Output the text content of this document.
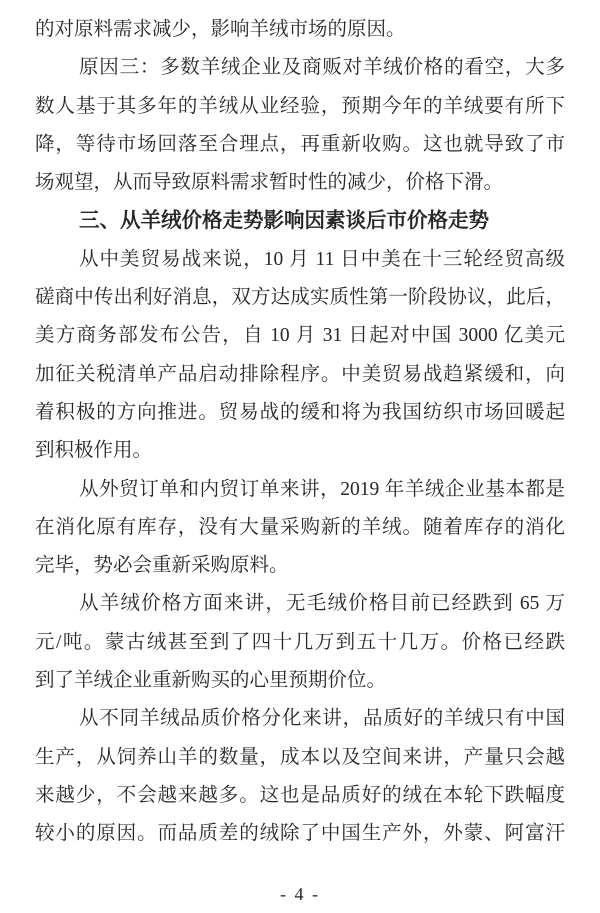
的对原料需求减少，影响羊绒市场的原因。
原因三：多数羊绒企业及商贩对羊绒价格的看空，大多
数人基于其多年的羊绒从业经验，预期今年的羊绒要有所下
降，等待市场回落至合理点，再重新收购。这也就导致了市
场观望，从而导致原料需求暂时性的减少，价格下滑。
三、从羊绒价格走势影响因素谈后市价格走势
从中美贸易战来说，10 月 11 日中美在十三轮经贸高级
磋商中传出利好消息，双方达成实质性第一阶段协议，此后，
美方商务部发布公告，自 10 月 31 日起对中国 3000 亿美元
加征关税清单产品启动排除程序。中美贸易战趋紧缓和，向
着积极的方向推进。贸易战的缓和将为我国纺织市场回暖起
到积极作用。
从外贸订单和内贸订单来讲，2019 年羊绒企业基本都是
在消化原有库存，没有大量采购新的羊绒。随着库存的消化
完毕，势必会重新采购原料。
从羊绒价格方面来讲，无毛绒价格目前已经跌到 65 万
元/吨。蒙古绒甚至到了四十几万到五十几万。价格已经跌
到了羊绒企业重新购买的心里预期价位。
从不同羊绒品质价格分化来讲，品质好的羊绒只有中国
生产，从饲养山羊的数量，成本以及空间来讲，产量只会越
来越少，不会越来越多。这也是品质好的绒在本轮下跌幅度
较小的原因。而品质差的绒除了中国生产外，外蒙、阿富汗
- 4 -
